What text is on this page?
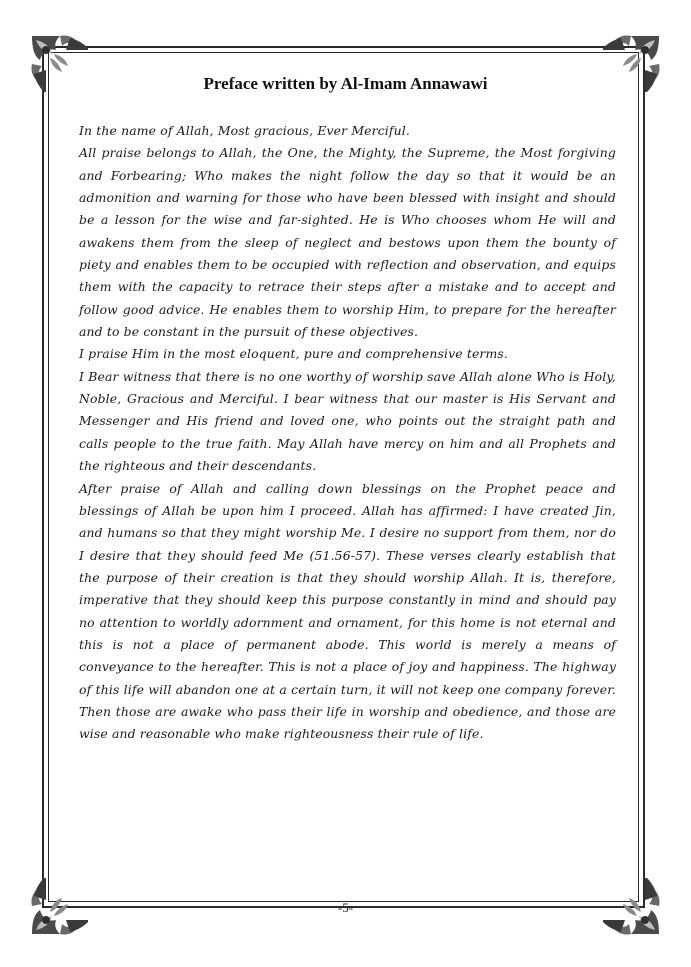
Preface written by Al-Imam Annawawi

In the name of Allah, Most gracious, Ever Merciful.

All praise belongs to Allah, the One, the Mighty, the Supreme, the Most forgiving and Forbearing; Who makes the night follow the day so that it would be an admonition and warning for those who have been blessed with insight and should be a lesson for the wise and far-sighted. He is Who chooses whom He will and awakens them from the sleep of neglect and bestows upon them the bounty of piety and enables them to be occupied with reflection and observation, and equips them with the capacity to retrace their steps after a mistake and to accept and follow good advice. He enables them to worship Him, to prepare for the hereafter and to be constant in the pursuit of these objectives.

I praise Him in the most eloquent, pure and comprehensive terms.

I Bear witness that there is no one worthy of worship save Allah alone Who is Holy, Noble, Gracious and Merciful. I bear witness that our master is His Servant and Messenger and His friend and loved one, who points out the straight path and calls people to the true faith. May Allah have mercy on him and all Prophets and the righteous and their descendants.

After praise of Allah and calling down blessings on the Prophet peace and blessings of Allah be upon him I proceed. Allah has affirmed: I have created Jin, and humans so that they might worship Me. I desire no support from them, nor do I desire that they should feed Me (51.56-57). These verses clearly establish that the purpose of their creation is that they should worship Allah. It is, therefore, imperative that they should keep this purpose constantly in mind and should pay no attention to worldly adornment and ornament, for this home is not eternal and this is not a place of permanent abode. This world is merely a means of conveyance to the hereafter. This is not a place of joy and happiness. The highway of this life will abandon one at a certain turn, it will not keep one company forever. Then those are awake who pass their life in worship and obedience, and those are wise and reasonable who make righteousness their rule of life.

-5-
